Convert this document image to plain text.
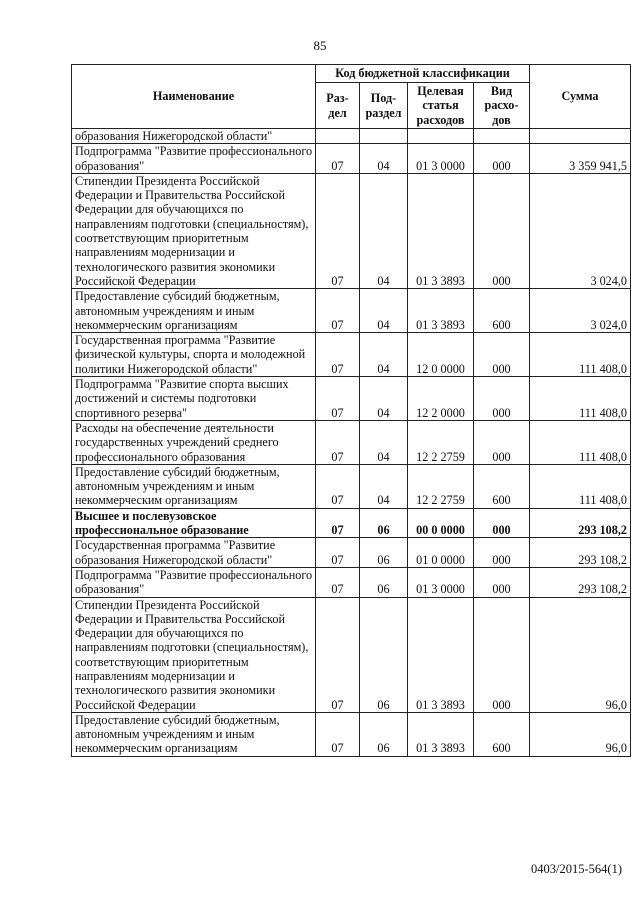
85
Наименование	Код бюджетной классификации				Сумма
	Раз-дел	Под-раздел	Целевая статья расходов	Вид расхо-дов	
образования Нижегородской области"					
Подпрограмма "Развитие профессионального образования"	07	04	01 3 0000	000	3 359 941,5
Стипендии Президента Российской Федерации и Правительства Российской Федерации для обучающихся по направлениям подготовки (специальностям), соответствующим приоритетным направлениям модернизации и технологического развития экономики Российской Федерации	07	04	01 3 3893	000	3 024,0
Предоставление субсидий бюджетным, автономным учреждениям и иным некоммерческим организациям	07	04	01 3 3893	600	3 024,0
Государственная программа "Развитие физической культуры, спорта и молодежной политики Нижегородской области"	07	04	12 0 0000	000	111 408,0
Подпрограмма "Развитие спорта высших достижений и системы подготовки спортивного резерва"	07	04	12 2 0000	000	111 408,0
Расходы на обеспечение деятельности государственных учреждений среднего профессионального образования	07	04	12 2 2759	000	111 408,0
Предоставление субсидий бюджетным, автономным учреждениям и иным некоммерческим организациям	07	04	12 2 2759	600	111 408,0
Высшее и послевузовское профессиональное образование	07	06	00 0 0000	000	293 108,2
Государственная программа "Развитие образования Нижегородской области"	07	06	01 0 0000	000	293 108,2
Подпрограмма "Развитие профессионального образования"	07	06	01 3 0000	000	293 108,2
Стипендии Президента Российской Федерации и Правительства Российской Федерации для обучающихся по направлениям подготовки (специальностям), соответствующим приоритетным направлениям модернизации и технологического развития экономики Российской Федерации	07	06	01 3 3893	000	96,0
Предоставление субсидий бюджетным, автономным учреждениям и иным некоммерческим организациям	07	06	01 3 3893	600	96,0
0403/2015-564(1)
